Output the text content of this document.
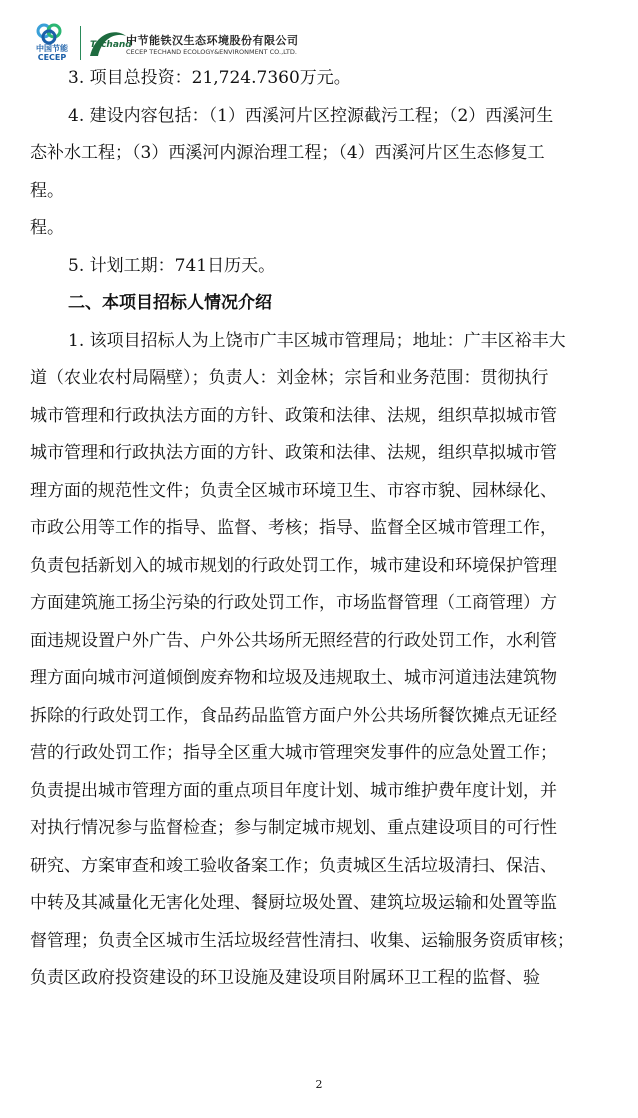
中国节能
CECEP
Techand
中节能铁汉生态环境股份有限公司
CECEP TECHAND ECOLOGY&ENVIRONMENT CO.,LTD.
3. 项目总投资：21,724.7360万元。
4. 建设内容包括：（1）西溪河片区控源截污工程；（2）西溪河生
态补水工程；（3）西溪河内源治理工程；（4）西溪河片区生态修复工
程。
程。
5. 计划工期：741日历天。
二、本项目招标人情况介绍
1. 该项目招标人为上饶市广丰区城市管理局；地址：广丰区裕丰大
道（农业农村局隔壁）；负责人：刘金林；宗旨和业务范围：贯彻执行
城市管理和行政执法方面的方针、政策和法律、法规，组织草拟城市管
城市管理和行政执法方面的方针、政策和法律、法规，组织草拟城市管
理方面的规范性文件；负责全区城市环境卫生、市容市貌、园林绿化、
市政公用等工作的指导、监督、考核；指导、监督全区城市管理工作，
负责包括新划入的城市规划的行政处罚工作，城市建设和环境保护管理
方面建筑施工扬尘污染的行政处罚工作，市场监督管理（工商管理）方
面违规设置户外广告、户外公共场所无照经营的行政处罚工作，水利管
理方面向城市河道倾倒废弃物和垃圾及违规取土、城市河道违法建筑物
拆除的行政处罚工作，食品药品监管方面户外公共场所餐饮摊点无证经
营的行政处罚工作；指导全区重大城市管理突发事件的应急处置工作；
负责提出城市管理方面的重点项目年度计划、城市维护费年度计划，并
对执行情况参与监督检查；参与制定城市规划、重点建设项目的可行性
研究、方案审查和竣工验收备案工作；负责城区生活垃圾清扫、保洁、
中转及其减量化无害化处理、餐厨垃圾处置、建筑垃圾运输和处置等监
督管理；负责全区城市生活垃圾经营性清扫、收集、运输服务资质审核；
负责区政府投资建设的环卫设施及建设项目附属环卫工程的监督、验
2
